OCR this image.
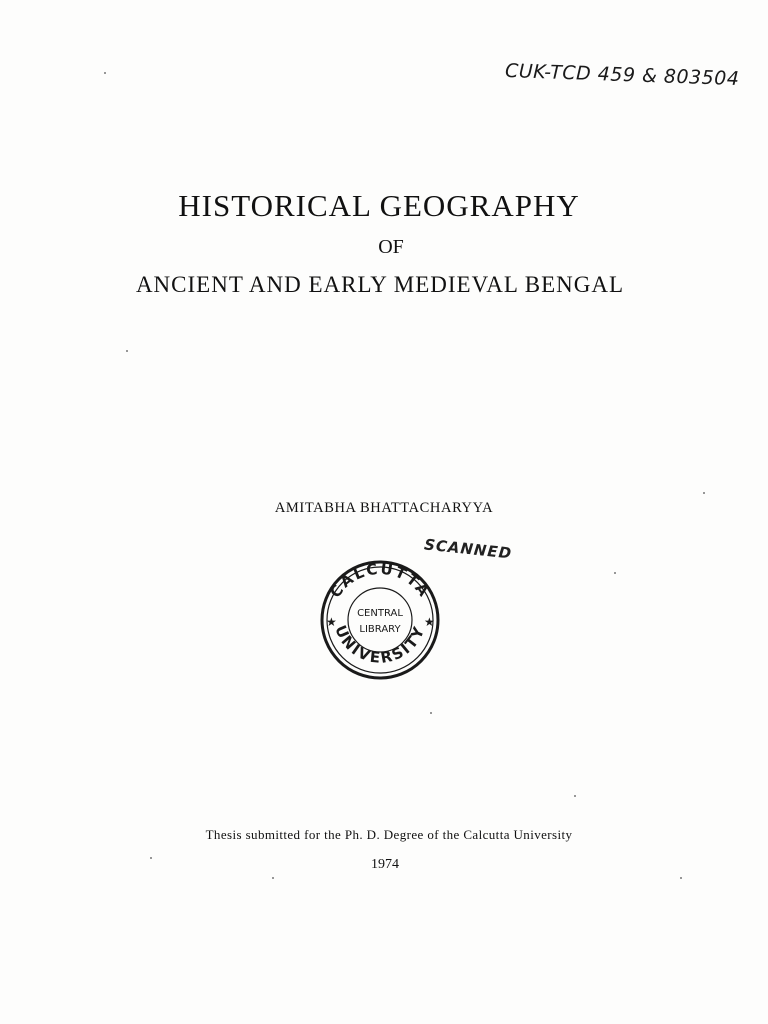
CUK-TCD 459 & 803504
HISTORICAL GEOGRAPHY
OF
ANCIENT AND EARLY MEDIEVAL BENGAL
AMITABHA BHATTACHARYYA
SCANNED
CALCUTTA
UNIVERSITY
★	★
CENTRAL
LIBRARY
Thesis submitted for the Ph. D. Degree of the Calcutta University
1974
